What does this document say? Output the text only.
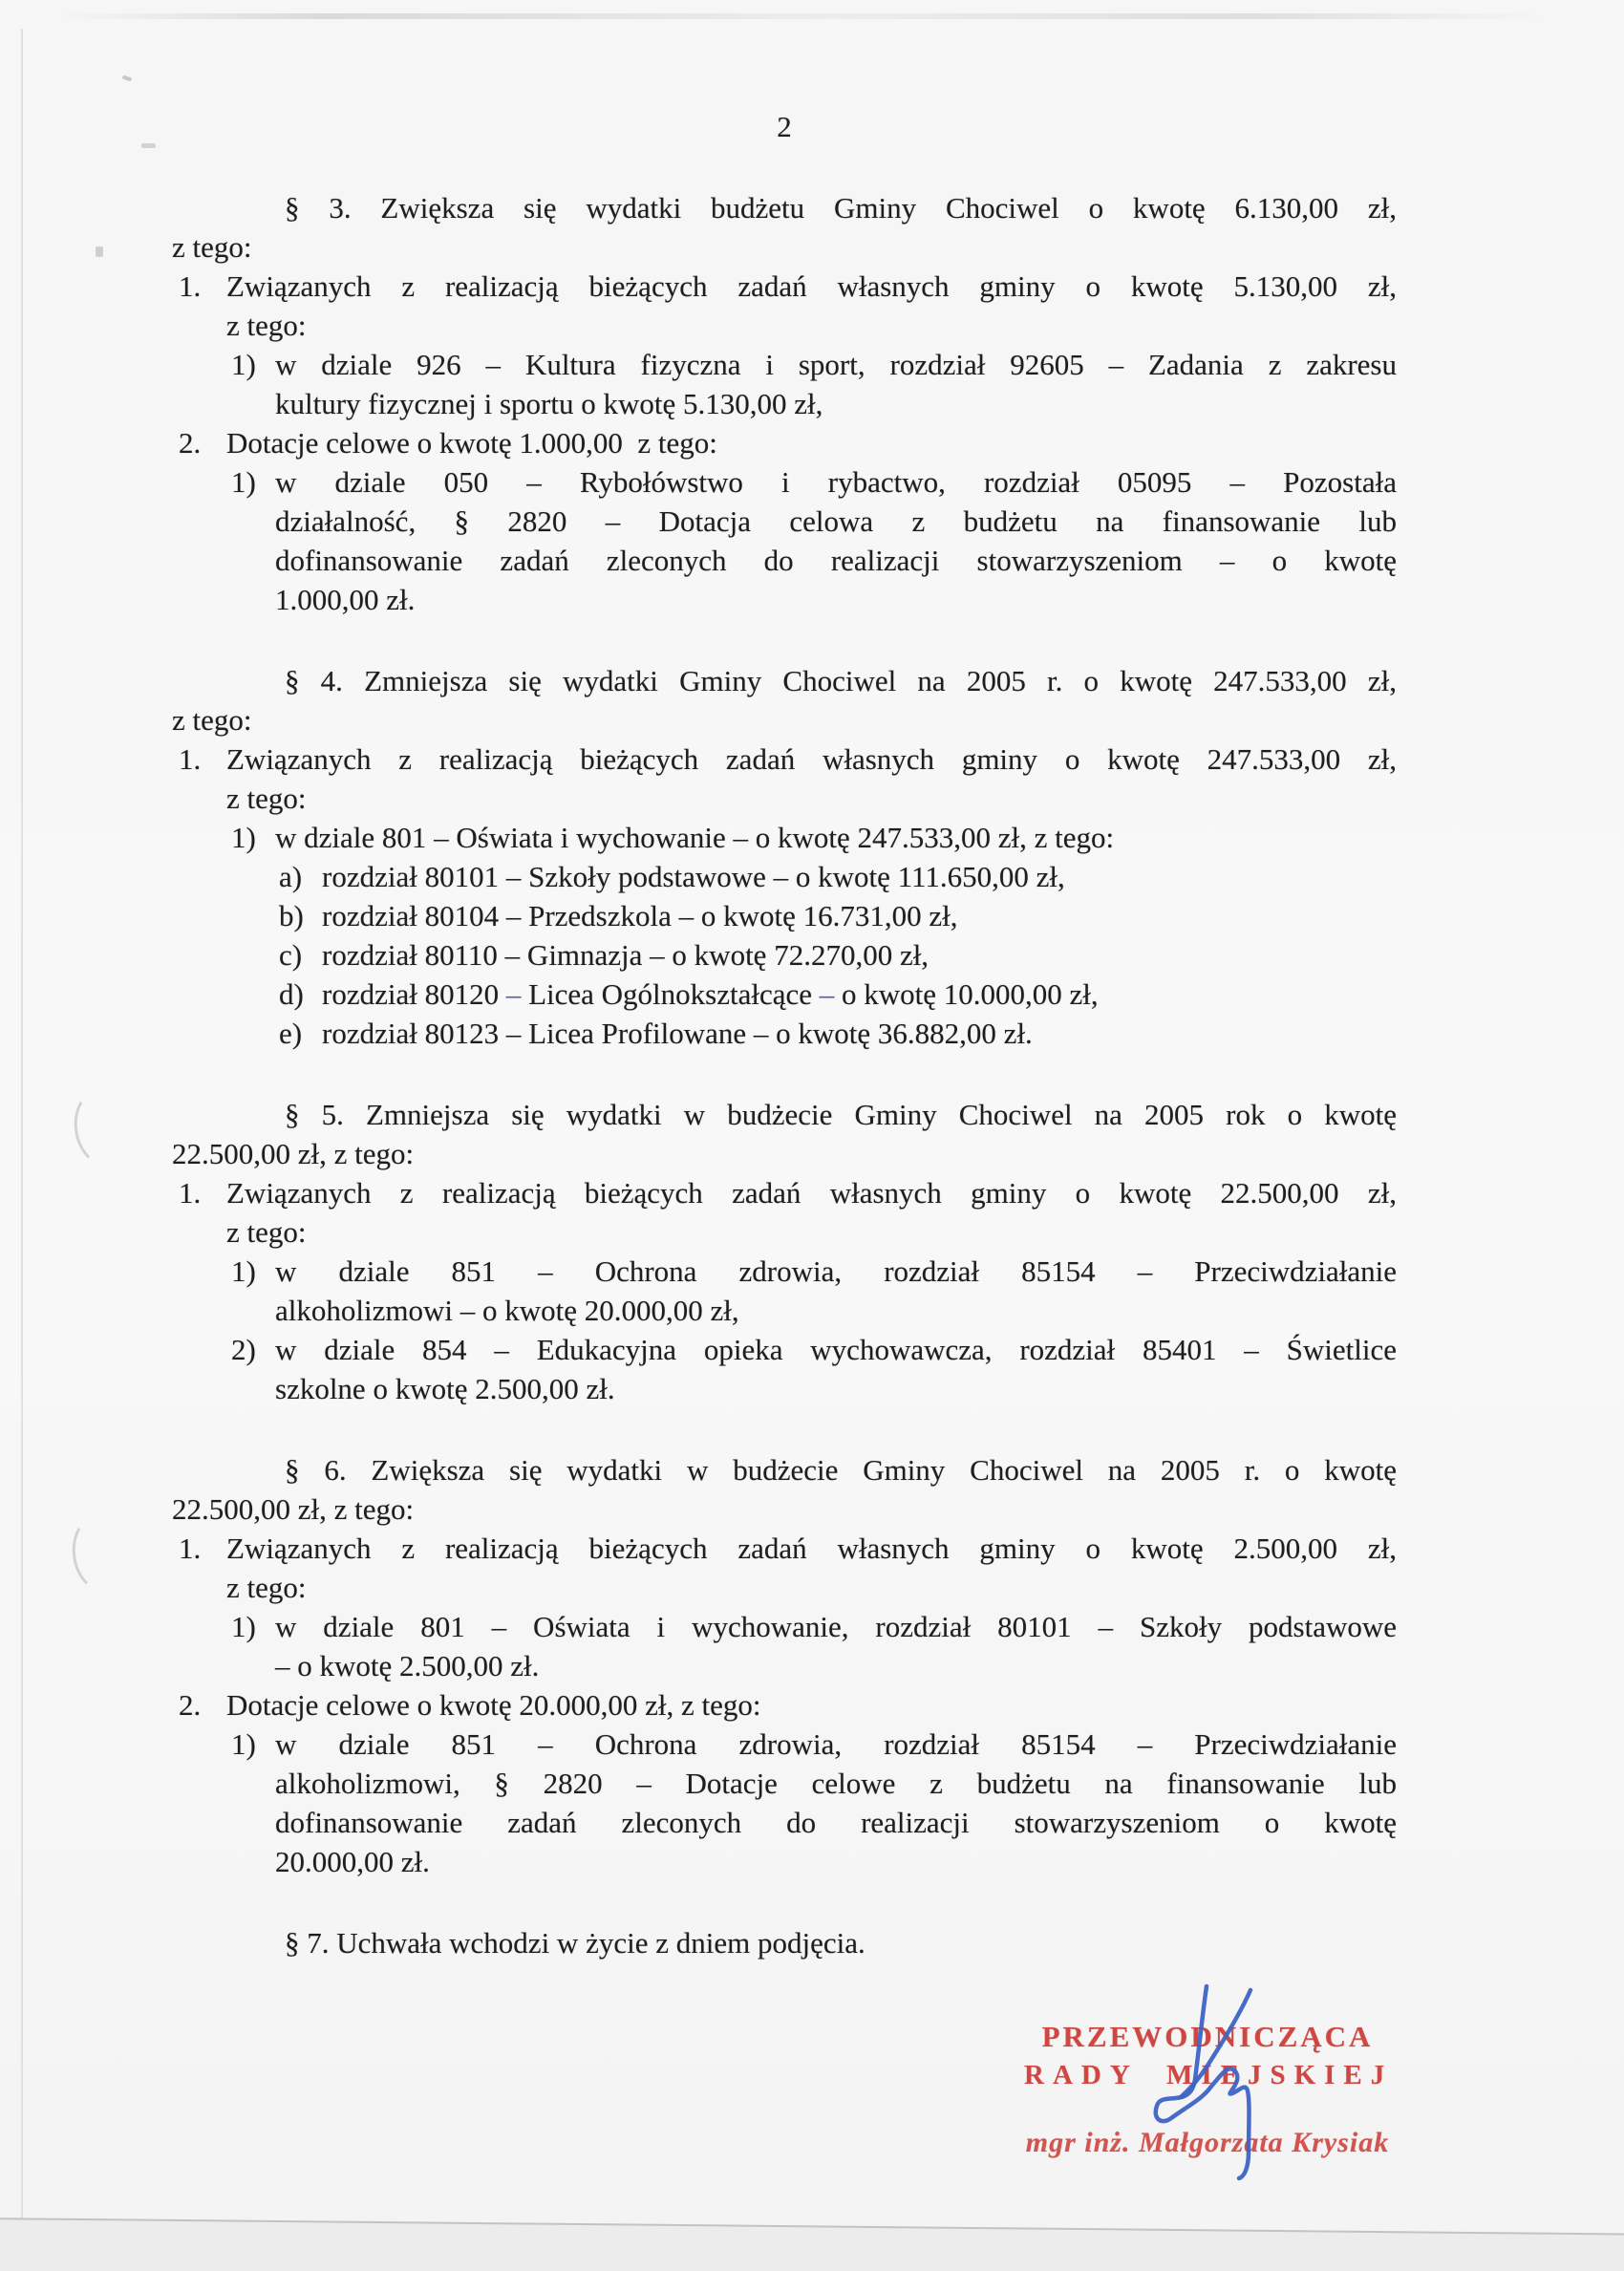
2
§ 3. Zwiększa się wydatki budżetu Gminy Chociwel o kwotę 6.130,00 zł,
z tego:
1. Związanych z realizacją bieżących zadań własnych gminy o kwotę 5.130,00 zł,
z tego:
1) w dziale 926 – Kultura fizyczna i sport, rozdział 92605 – Zadania z zakresu
kultury fizycznej i sportu o kwotę 5.130,00 zł,
2. Dotacje celowe o kwotę 1.000,00  z tego:
1) w dziale 050 – Rybołówstwo i rybactwo, rozdział 05095 – Pozostała
działalność, § 2820 – Dotacja celowa z budżetu na finansowanie lub
dofinansowanie zadań zleconych do realizacji stowarzyszeniom – o kwotę
1.000,00 zł.
§ 4. Zmniejsza się wydatki Gminy Chociwel na 2005 r. o kwotę 247.533,00 zł,
z tego:
1. Związanych z realizacją bieżących zadań własnych gminy o kwotę 247.533,00 zł,
z tego:
1) w dziale 801 – Oświata i wychowanie – o kwotę 247.533,00 zł, z tego:
a) rozdział 80101 – Szkoły podstawowe – o kwotę 111.650,00 zł,
b) rozdział 80104 – Przedszkola – o kwotę 16.731,00 zł,
c) rozdział 80110 – Gimnazja – o kwotę 72.270,00 zł,
d) rozdział 80120 – Licea Ogólnokształcące – o kwotę 10.000,00 zł,
e) rozdział 80123 – Licea Profilowane – o kwotę 36.882,00 zł.
§ 5. Zmniejsza się wydatki w budżecie Gminy Chociwel na 2005 rok o kwotę
22.500,00 zł, z tego:
1. Związanych z realizacją bieżących zadań własnych gminy o kwotę 22.500,00 zł,
z tego:
1) w dziale 851 – Ochrona zdrowia, rozdział 85154 – Przeciwdziałanie
alkoholizmowi – o kwotę 20.000,00 zł,
2) w dziale 854 – Edukacyjna opieka wychowawcza, rozdział 85401 – Świetlice
szkolne o kwotę 2.500,00 zł.
§ 6. Zwiększa się wydatki w budżecie Gminy Chociwel na 2005 r. o kwotę
22.500,00 zł, z tego:
1. Związanych z realizacją bieżących zadań własnych gminy o kwotę 2.500,00 zł,
z tego:
1) w dziale 801 – Oświata i wychowanie, rozdział 80101 – Szkoły podstawowe
– o kwotę 2.500,00 zł.
2. Dotacje celowe o kwotę 20.000,00 zł, z tego:
1) w dziale 851 – Ochrona zdrowia, rozdział 85154 – Przeciwdziałanie
alkoholizmowi, § 2820 – Dotacje celowe z budżetu na finansowanie lub
dofinansowanie zadań zleconych do realizacji stowarzyszeniom o kwotę
20.000,00 zł.
§ 7. Uchwała wchodzi w życie z dniem podjęcia.
PRZEWODNICZĄCA
RADY MIEJSKIEJ
mgr inż. Małgorzata Krysiak
